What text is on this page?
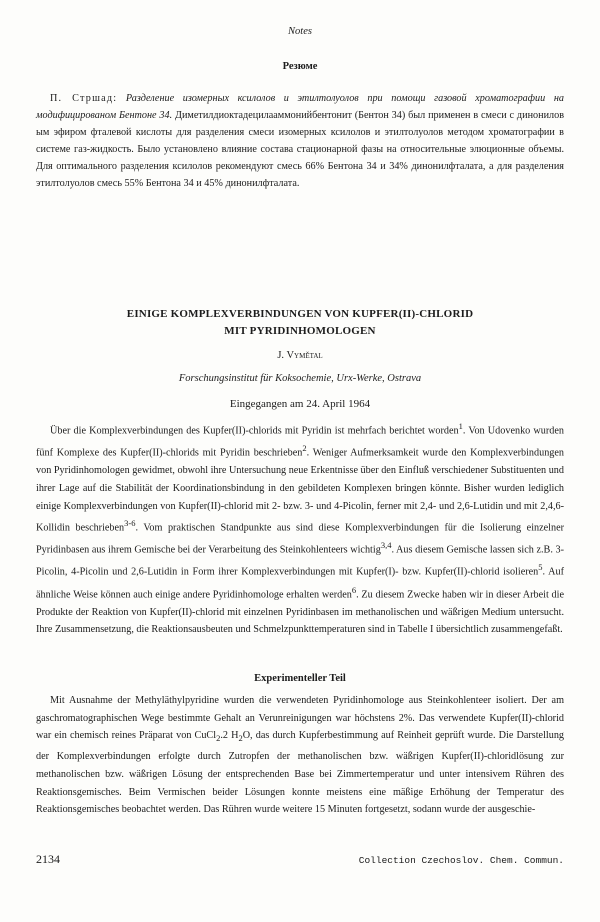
Notes
Резюме
П. Стршад: Разделение изомерных ксилолов и этилтолуолов при помощи газовой хроматографии на модифицированом Бентоне 34. Диметилдиоктадецилааммонийбентонит (Бентон 34) был применен в смеси с динонилов ым эфиром фталевой кислоты для разделения смеси изомерных ксилолов и этилтолуолов методом хроматографии в системе газ-жидкость. Было установлено влияние состава стационарной фазы на относительные элюционные объемы. Для оптимального разделения ксилолов рекомендуют смесь 66% Бентона 34 и 34% динонилфталата, а для разделения этилтолуолов смесь 55% Бентона 34 и 45% динонилфталата.
EINIGE KOMPLEXVERBINDUNGEN VON KUPFER(II)-CHLORID
MIT PYRIDINHOMOLOGEN
J. Vymětal
Forschungsinstitut für Koksochemie, Urx-Werke, Ostrava
Eingegangen am 24. April 1964
Über die Komplexverbindungen des Kupfer(II)-chlorids mit Pyridin ist mehrfach berichtet worden$^1$. Von Udovenko wurden fünf Komplexe des Kupfer(II)-chlorids mit Pyridin beschrieben$^2$. Weniger Aufmerksamkeit wurde den Komplexverbindungen von Pyridinhomologen gewidmet, obwohl ihre Untersuchung neue Erkentnisse über den Einfluß verschiedener Substituenten und ihrer Lage auf die Stabilität der Koordinationsbindung in den gebildeten Komplexen bringen könnte. Bisher wurden lediglich einige Komplexverbindungen von Kupfer(II)-chlorid mit 2- bzw. 3- und 4-Picolin, ferner mit 2,4- und 2,6-Lutidin und mit 2,4,6-Kollidin beschrieben$^{3-6}$. Vom praktischen Standpunkte aus sind diese Komplexverbindungen für die Isolierung einzelner Pyridinbasen aus ihrem Gemische bei der Verarbeitung des Steinkohlenteers wichtig$^{3,4}$. Aus diesem Gemische lassen sich z.B. 3-Picolin, 4-Picolin und 2,6-Lutidin in Form ihrer Komplexverbindungen mit Kupfer(I)- bzw. Kupfer(II)-chlorid isolieren$^5$. Auf ähnliche Weise können auch einige andere Pyridinhomologe erhalten werden$^6$. Zu diesem Zwecke haben wir in dieser Arbeit die Produkte der Reaktion von Kupfer(II)-chlorid mit einzelnen Pyridinbasen im methanolischen und wäßrigen Medium untersucht. Ihre Zusammensetzung, die Reaktionsausbeuten und Schmelzpunkttemperaturen sind in Tabelle I übersichtlich zusammengefaßt.
Experimenteller Teil
Mit Ausnahme der Methyläthylpyridine wurden die verwendeten Pyridinhomologe aus Steinkohlenteer isoliert. Der am gaschromatographischen Wege bestimmte Gehalt an Verunreinigungen war höchstens 2%. Das verwendete Kupfer(II)-chlorid war ein chemisch reines Präparat von CuCl$_2$.2 $H_2O$, das durch Kupferbestimmung auf Reinheit geprüft wurde. Die Darstellung der Komplexverbindungen erfolgte durch Zutropfen der methanolischen bzw. wäßrigen Kupfer(II)-chloridlösung zur methanolischen bzw. wäßrigen Lösung der entsprechenden Base bei Zimmertemperatur und unter intensivem Rühren des Reaktionsgemisches. Beim Vermischen beider Lösungen konnte meistens eine mäßige Erhöhung der Temperatur des Reaktionsgemisches beobachtet werden. Das Rühren wurde weitere 15 Minuten fortgesetzt, sodann wurde der ausgeschie-
2134	Collection Czechoslov. Chem. Commun.
